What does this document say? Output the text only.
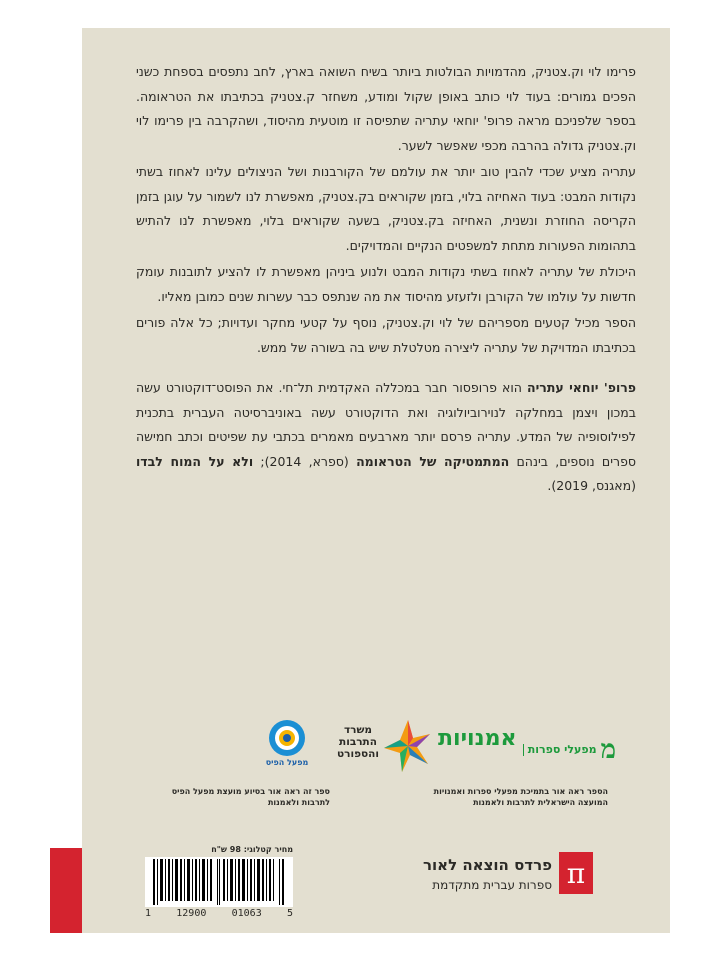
פרימו לוי וק.צטניק, מהדמויות הבולטות ביותר בשיח השואה בארץ, לחב נתפסים בספחת כשני הפכים גמורים: בעוד לוי כותב באופן שקול ומודע, משחזר ק.צטניק בכתיבתו את הטראומה. בספר שלפניכם מראה פרופ' יוחאי עתריה שתפיסה זו מוטעית מהיסוד, ושהקרבה בין פרימו לוי וק.צטניק גדולה בהרבה מכפי שאפשר לשער.

עתריה מציע שכדי להבין טוב יותר את עולמם של הקורבנות ושל הניצולים עלינו לאחוז בשתי נקודות המבט: בעוד האחיזה בלוי, בזמן שקוראים בק.צטניק, מאפשרת לנו לשמור על עוגן בזמן הקריסה החוזרת ונשנית, האחיזה בק.צטניק, בשעה שקוראים בלוי, מאפשרת לנו להתיש בתהומות הפעורות מתחת למשפטים הנקיים והמדויקים.

היכולת של עתריה לאחוז בשתי נקודות המבט ולנוע ביניהן מאפשרת לו להציע לתובנות עומק חדשות על עולמו של הקורבן ולזעזע מהיסוד את מה שנתפס כבר עשרות שנים כמובן מאליו.

הספר מכיל קטעים מספריהם של לוי וק.צטניק, נוסף על קטעי מחקר ועדויות; כל אלה פורים בכתיבתו המדויקת של עתריה ליצירה מטלטלת שיש בה בשורה של ממש.

פרופ' יוחאי עתריה הוא פרופסור חבר במכללה האקדמית תל־חי. את הפוסט־דוקטורט עשה במכון ויצמן במחלקה לנוירוביולוגיה ואת הדוקטורט עשה באוניברסיטה העברית בתכנית לפילוסופיה של המדע. עתריה פרסם יותר מארבעים מאמרים בכתבי עת שפיטים וכתב חמישה ספרים נוספים, בינהם המתמטיקה של הטראומה (ספרא, 2014); ולא על המוח לבדו (מאגנס, 2019).

מ
מפעלי ספרות
אמנויות
משרד התרבות והספורט
מפעל הפיס
הספר ראה אור בתמיכת מפעלי ספרות ואמנויות המועצה הישראלית לתרבות ולאמנות
ספר זה ראה אור בסיוע מועצת מפעל הפיס לתרבות ולאמנות
מחיר קטלוגי: 98 ש"ח
1	12900	01063	5
π
פרדס הוצאה לאור
ספרות עברית מתקדמת
